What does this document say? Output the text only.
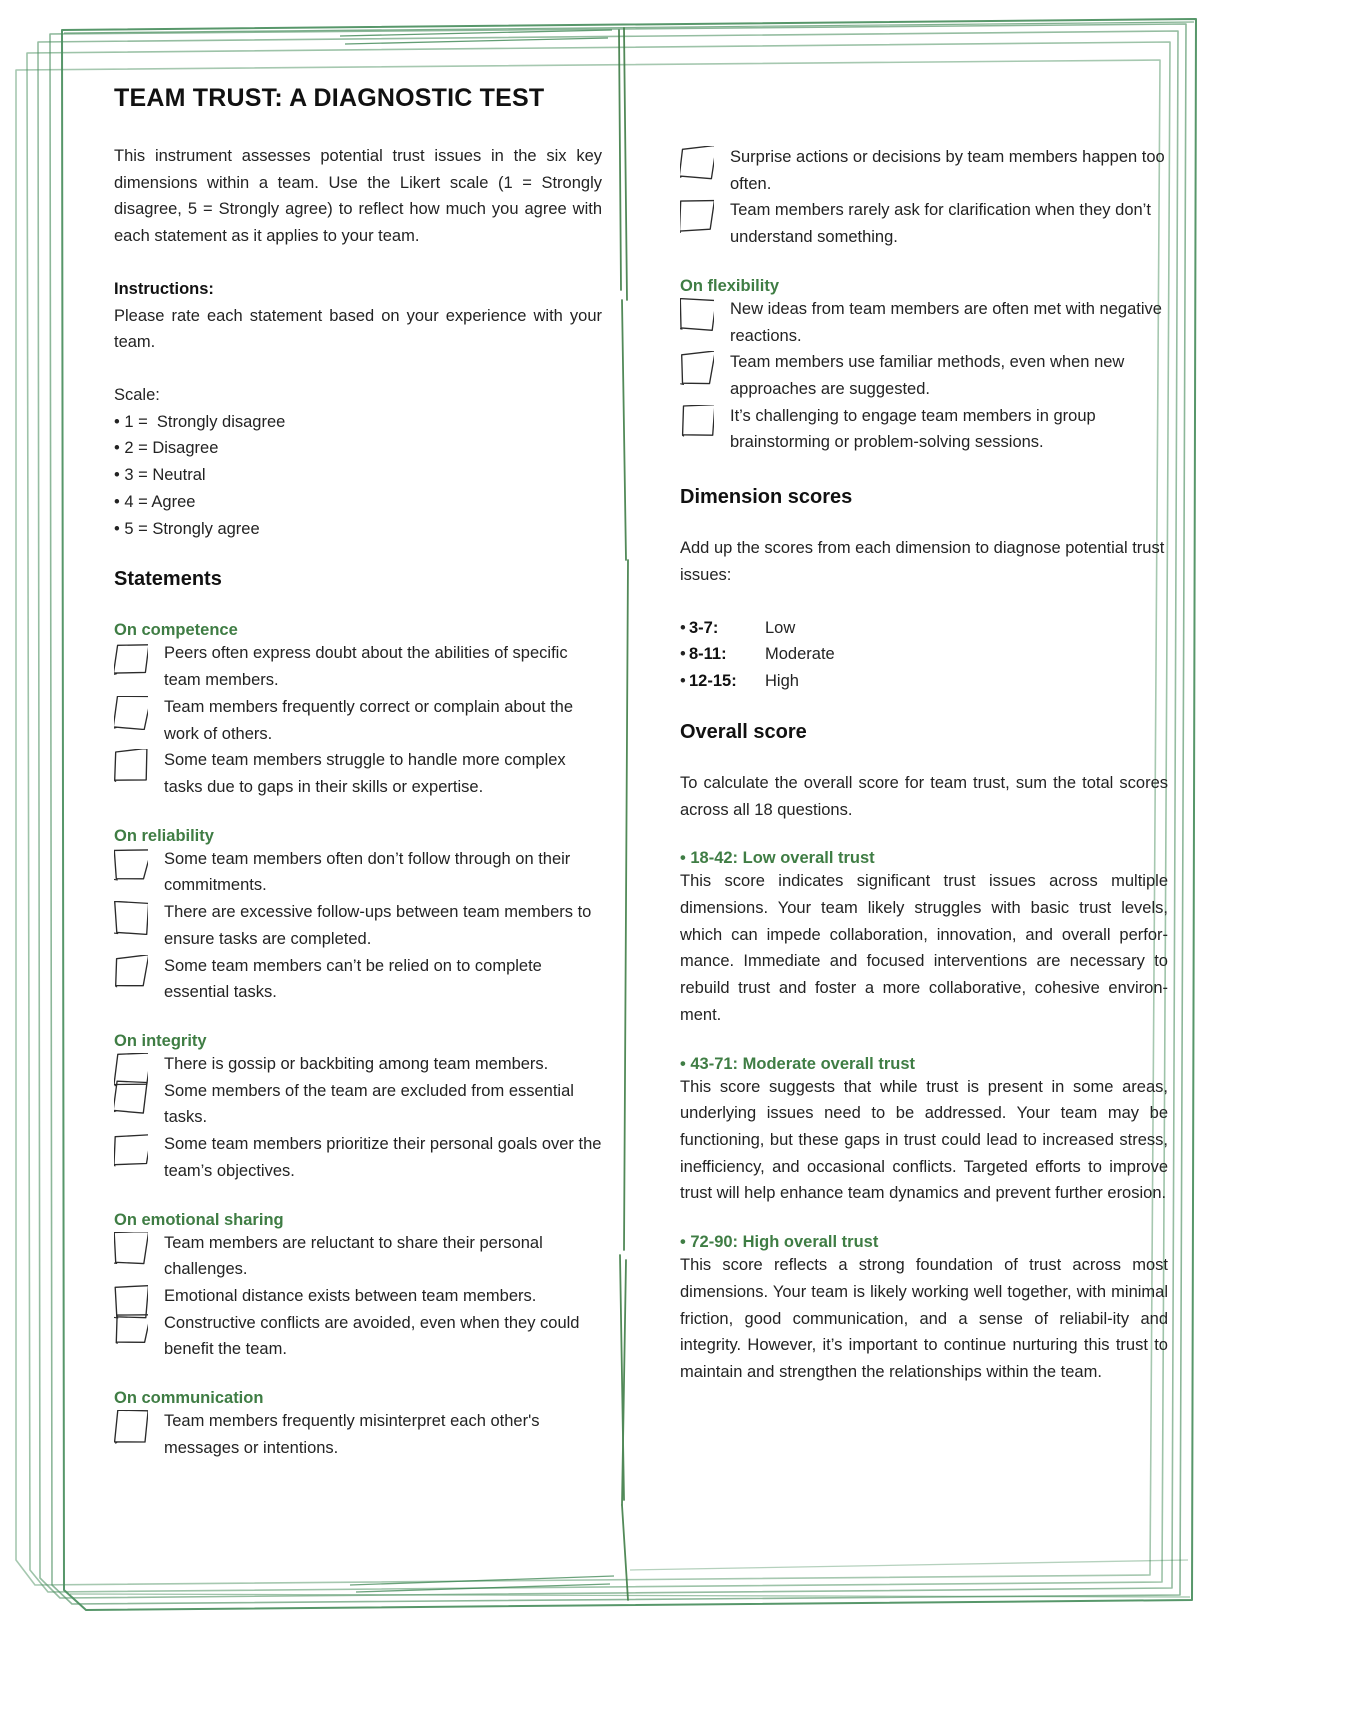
TEAM TRUST: A DIAGNOSTIC TEST

This instrument assesses potential trust issues in the six key dimensions within a team. Use the Likert scale (1 = Strongly disagree, 5 = Strongly agree) to reflect how much you agree with each statement as it applies to your team.

Instructions:

Please rate each statement based on your experience with your team.

Scale:
• 1 =  Strongly disagree
• 2 = Disagree
• 3 = Neutral
• 4 = Agree
• 5 = Strongly agree
Statements
On competence
Peers often express doubt about the abilities of specific team members.
Team members frequently correct or complain about the work of others.
Some team members struggle to handle more complex tasks due to gaps in their skills or expertise.
On reliability
Some team members often don’t follow through on their commitments.
There are excessive follow-ups between team members to ensure tasks are completed.
Some team members can’t be relied on to complete essential tasks.
On integrity
There is gossip or backbiting among team members.
Some members of the team are excluded from essential tasks.
Some team members prioritize their personal goals over the team’s objectives.
On emotional sharing
Team members are reluctant to share their personal challenges.
Emotional distance exists between team members.
Constructive conflicts are avoided, even when they could benefit the team.
On communication
Team members frequently misinterpret each other's messages or intentions.
Surprise actions or decisions by team members happen too often.
Team members rarely ask for clarification when they don’t understand something.
On flexibility
New ideas from team members are often met with negative reactions.
Team members use familiar methods, even when new approaches are suggested.
It’s challenging to engage team members in group brainstorming or problem-solving sessions.
Dimension scores

Add up the scores from each dimension to diagnose potential trust issues:

• 3-7:	Low
• 8-11:	Moderate
• 12-15:	High
Overall score

To calculate the overall score for team trust, sum the total scores across all 18 questions.

• 18-42: Low overall trust

This score indicates significant trust issues across multiple dimensions. Your team likely struggles with basic trust levels, which can impede collaboration, innovation, and overall perfor-mance. Immediate and focused interventions are necessary to rebuild trust and foster a more collaborative, cohesive environ-ment.

• 43-71: Moderate overall trust

This score suggests that while trust is present in some areas, underlying issues need to be addressed. Your team may be functioning, but these gaps in trust could lead to increased stress, inefficiency, and occasional conflicts. Targeted efforts to improve trust will help enhance team dynamics and prevent further erosion.

• 72-90: High overall trust

This score reflects a strong foundation of trust across most dimensions. Your team is likely working well together, with minimal friction, good communication, and a sense of reliabil-ity and integrity. However, it’s important to continue nurturing this trust to maintain and strengthen the relationships within the team.
